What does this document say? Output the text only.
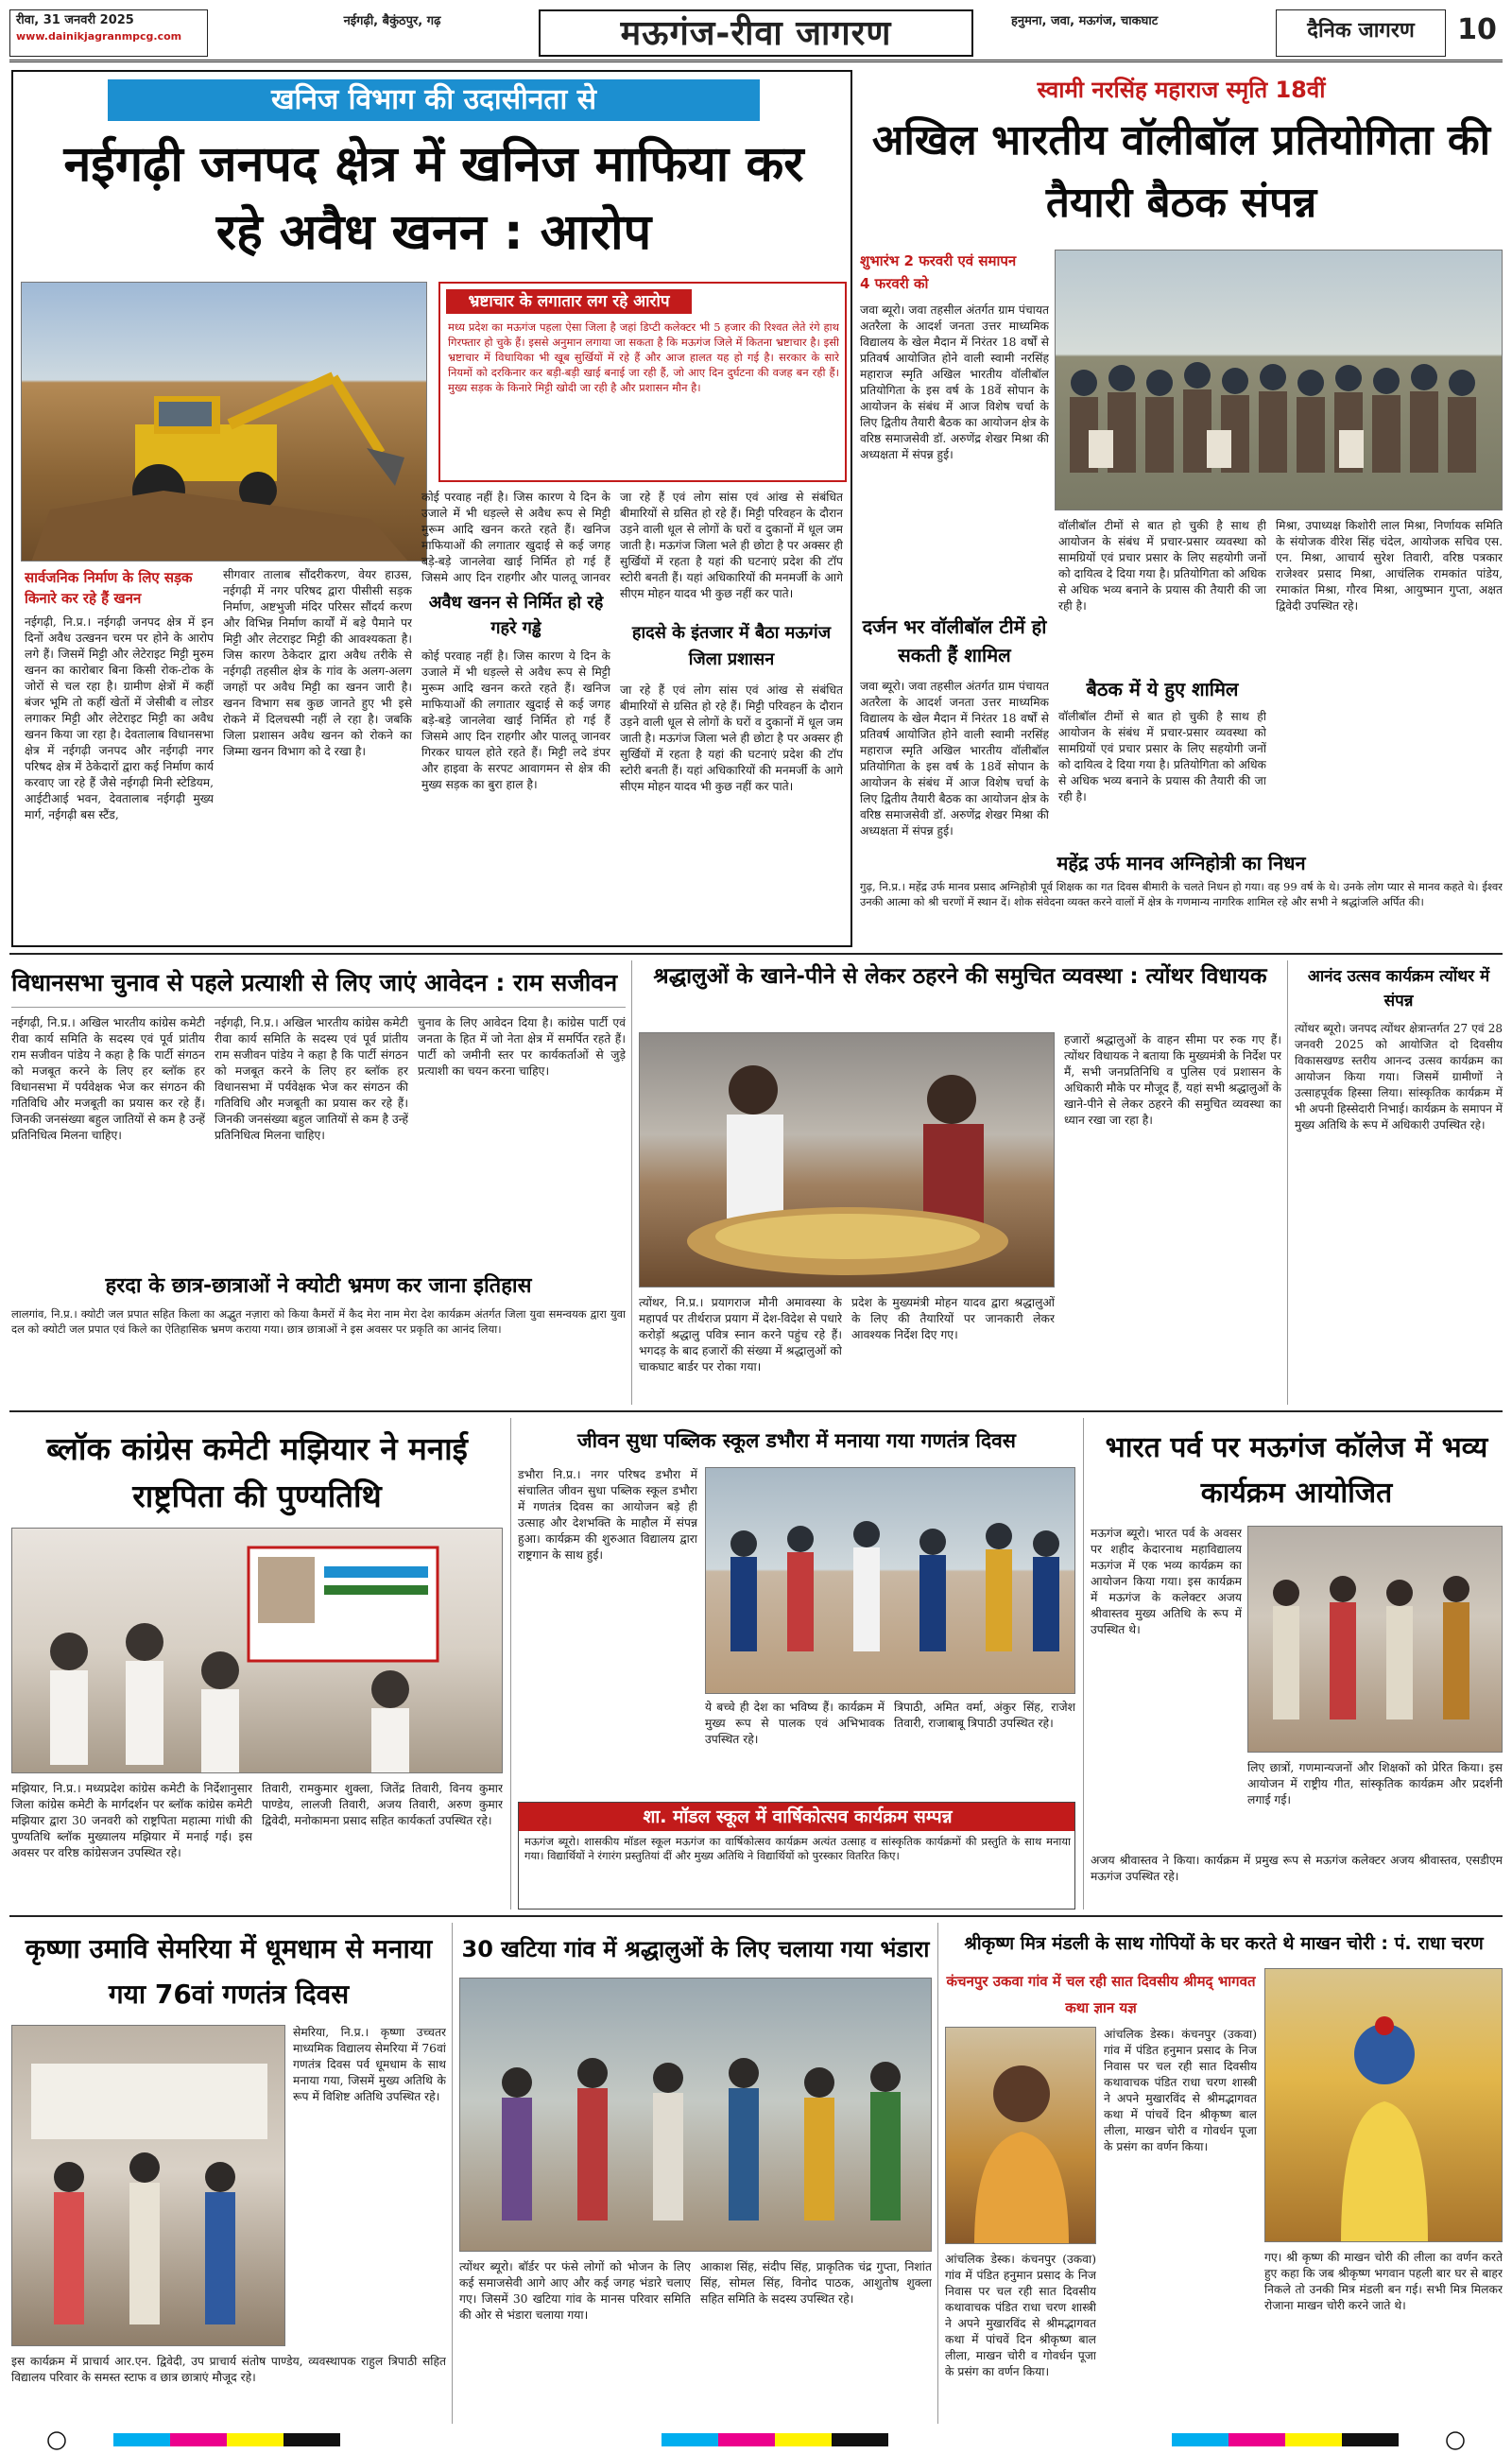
रीवा, 31 जनवरी 2025
www.dainikjagranmpcg.com
नईगढ़ी, बैकुंठपुर, गढ़	मऊगंज-रीवा जागरण	हनुमना, जवा, मऊगंज, चाकघाट	दैनिक जागरण	10
खनिज विभाग की उदासीनता से
नईगढ़ी जनपद क्षेत्र में खनिज माफिया कर रहे अवैध खनन : आरोप
भ्रष्टाचार के लगातार लग रहे आरोप
मध्य प्रदेश का मऊगंज पहला ऐसा जिला है जहां डिप्टी कलेक्टर भी 5 हजार की रिश्वत लेते रंगे हाथ गिरफ्तार हो चुके हैं। इससे अनुमान लगाया जा सकता है कि मऊगंज जिले में कितना भ्रष्टाचार है। इसी भ्रष्टाचार में विधायिका भी खूब सुर्खियों में रहे हैं और आज हालत यह हो गई है। सरकार के सारे नियमों को दरकिनार कर बड़ी-बड़ी खाई बनाई जा रही हैं, जो आए दिन दुर्घटना की वजह बन रही हैं। मुख्य सड़क के किनारे मिट्टी खोदी जा रही है और प्रशासन मौन है।
सार्वजनिक निर्माण के लिए सड़क किनारे कर रहे हैं खनन
नईगढ़ी, नि.प्र.। नईगढ़ी जनपद क्षेत्र में इन दिनों अवैध उत्खनन चरम पर होने के आरोप लगे हैं। जिसमें मिट्टी और लेटेराइट मिट्टी मुरुम खनन का कारोबार बिना किसी रोक-टोक के जोरों से चल रहा है। ग्रामीण क्षेत्रों में कहीं बंजर भूमि तो कहीं खेतों में जेसीबी व लोडर लगाकर मिट्टी और लेटेराइट मिट्टी का अवैध खनन किया जा रहा है। देवतालाब विधानसभा क्षेत्र में नईगढ़ी जनपद और नईगढ़ी नगर परिषद क्षेत्र में ठेकेदारों द्वारा कई निर्माण कार्य करवाए जा रहे हैं जैसे नईगढ़ी मिनी स्टेडियम, आईटीआई भवन, देवतालाब नईगढ़ी मुख्य मार्ग, नईगढ़ी बस स्टैंड,
सीगवार तालाब सौंदरीकरण, वेयर हाउस, नईगढ़ी में नगर परिषद द्वारा पीसीसी सड़क निर्माण, अष्टभुजी मंदिर परिसर सौंदर्य करण और विभिन्न निर्माण कार्यों में बड़े पैमाने पर मिट्टी और लेटराइट मिट्टी की आवश्यकता है। जिस कारण ठेकेदार द्वारा अवैध तरीके से नईगढ़ी तहसील क्षेत्र के गांव के अलग-अलग जगहों पर अवैध मिट्टी का खनन जारी है। खनन विभाग सब कुछ जानते हुए भी इसे रोकने में दिलचस्पी नहीं ले रहा है। जबकि जिला प्रशासन अवैध खनन को रोकने का जिम्मा खनन विभाग को दे रखा है।
कोई परवाह नहीं है। जिस कारण ये दिन के उजाले में भी धड़ल्ले से अवैध रूप से मिट्टी मुरूम आदि खनन करते रहते हैं। खनिज माफियाओं की लगातार खुदाई से कई जगह बड़े-बड़े जानलेवा खाई निर्मित हो गई हैं जिसमे आए दिन राहगीर और पालतू जानवर
अवैध खनन से निर्मित हो रहे गहरे गड्ढे
कोई परवाह नहीं है। जिस कारण ये दिन के उजाले में भी धड़ल्ले से अवैध रूप से मिट्टी मुरूम आदि खनन करते रहते हैं। खनिज माफियाओं की लगातार खुदाई से कई जगह बड़े-बड़े जानलेवा खाई निर्मित हो गई हैं जिसमे आए दिन राहगीर और पालतू जानवर गिरकर घायल होते रहते हैं। मिट्टी लदे डंपर और हाइवा के सरपट आवागमन से क्षेत्र की मुख्य सड़क का बुरा हाल है।
जा रहे हैं एवं लोग सांस एवं आंख से संबंधित बीमारियों से ग्रसित हो रहे हैं। मिट्टी परिवहन के दौरान उड़ने वाली धूल से लोगों के घरों व दुकानों में धूल जम जाती है। मऊगंज जिला भले ही छोटा है पर अक्सर ही सुर्खियों में रहता है यहां की घटनाएं प्रदेश की टॉप स्टोरी बनती हैं। यहां अधिकारियों की मनमर्जी के आगे सीएम मोहन यादव भी कुछ नहीं कर पाते।
हादसे के इंतजार में बैठा मऊगंज जिला प्रशासन
जा रहे हैं एवं लोग सांस एवं आंख से संबंधित बीमारियों से ग्रसित हो रहे हैं। मिट्टी परिवहन के दौरान उड़ने वाली धूल से लोगों के घरों व दुकानों में धूल जम जाती है। मऊगंज जिला भले ही छोटा है पर अक्सर ही सुर्खियों में रहता है यहां की घटनाएं प्रदेश की टॉप स्टोरी बनती हैं। यहां अधिकारियों की मनमर्जी के आगे सीएम मोहन यादव भी कुछ नहीं कर पाते।
स्वामी नरसिंह महाराज स्मृति 18वीं
अखिल भारतीय वॉलीबॉल प्रतियोगिता की तैयारी बैठक संपन्न
शुभारंभ 2 फरवरी एवं समापन 4 फरवरी को
जवा ब्यूरो। जवा तहसील अंतर्गत ग्राम पंचायत अतरैला के आदर्श जनता उत्तर माध्यमिक विद्यालय के खेल मैदान में निरंतर 18 वर्षों से प्रतिवर्ष आयोजित होने वाली स्वामी नरसिंह महाराज स्मृति अखिल भारतीय वॉलीबॉल प्रतियोगिता के इस वर्ष के 18वें सोपान के आयोजन के संबंध में आज विशेष चर्चा के लिए द्वितीय तैयारी बैठक का आयोजन क्षेत्र के वरिष्ठ समाजसेवी डॉ. अरुणेंद्र शेखर मिश्रा की अध्यक्षता में संपन्न हुई।
दर्जन भर वॉलीबॉल टीमें हो सकती हैं शामिल
जवा ब्यूरो। जवा तहसील अंतर्गत ग्राम पंचायत अतरैला के आदर्श जनता उत्तर माध्यमिक विद्यालय के खेल मैदान में निरंतर 18 वर्षों से प्रतिवर्ष आयोजित होने वाली स्वामी नरसिंह महाराज स्मृति अखिल भारतीय वॉलीबॉल प्रतियोगिता के इस वर्ष के 18वें सोपान के आयोजन के संबंध में आज विशेष चर्चा के लिए द्वितीय तैयारी बैठक का आयोजन क्षेत्र के वरिष्ठ समाजसेवी डॉ. अरुणेंद्र शेखर मिश्रा की अध्यक्षता में संपन्न हुई।
वॉलीबॉल टीमों से बात हो चुकी है साथ ही आयोजन के संबंध में प्रचार-प्रसार व्यवस्था को सामग्रियों एवं प्रचार प्रसार के लिए सहयोगी जनों को दायित्व दे दिया गया है। प्रतियोगिता को अधिक से अधिक भव्य बनाने के प्रयास की तैयारी की जा रही है।
बैठक में ये हुए शामिल
वॉलीबॉल टीमों से बात हो चुकी है साथ ही आयोजन के संबंध में प्रचार-प्रसार व्यवस्था को सामग्रियों एवं प्रचार प्रसार के लिए सहयोगी जनों को दायित्व दे दिया गया है। प्रतियोगिता को अधिक से अधिक भव्य बनाने के प्रयास की तैयारी की जा रही है।
मिश्रा, उपाध्यक्ष किशोरी लाल मिश्रा, निर्णायक समिति के संयोजक वीरेश सिंह चंदेल, आयोजक सचिव एस. एन. मिश्रा, आचार्य सुरेश तिवारी, वरिष्ठ पत्रकार राजेश्वर प्रसाद मिश्रा, आचंलिक रामकांत पांडेय, रमाकांत मिश्रा, गौरव मिश्रा, आयुष्मान गुप्ता, अक्षत द्विवेदी उपस्थित रहे।
महेंद्र उर्फ मानव अग्निहोत्री का निधन
गुढ़, नि.प्र.। महेंद्र उर्फ मानव प्रसाद अग्निहोत्री पूर्व शिक्षक का गत दिवस बीमारी के चलते निधन हो गया। वह 99 वर्ष के थे। उनके लोग प्यार से मानव कहते थे। ईश्वर उनकी आत्मा को श्री चरणों में स्थान दें। शोक संवेदना व्यक्त करने वालों में क्षेत्र के गणमान्य नागरिक शामिल रहे और सभी ने श्रद्धांजलि अर्पित की।
विधानसभा चुनाव से पहले प्रत्याशी से लिए जाएं आवेदन : राम सजीवन
नईगढ़ी, नि.प्र.। अखिल भारतीय कांग्रेस कमेटी रीवा कार्य समिति के सदस्य एवं पूर्व प्रांतीय राम सजीवन पांडेय ने कहा है कि पार्टी संगठन को मजबूत करने के लिए हर ब्लॉक हर विधानसभा में पर्यवेक्षक भेज कर संगठन की गतिविधि और मजबूती का प्रयास कर रहे हैं। जिनकी जनसंख्या बहुल जातियों से कम है उन्हें प्रतिनिधित्व मिलना चाहिए।
नईगढ़ी, नि.प्र.। अखिल भारतीय कांग्रेस कमेटी रीवा कार्य समिति के सदस्य एवं पूर्व प्रांतीय राम सजीवन पांडेय ने कहा है कि पार्टी संगठन को मजबूत करने के लिए हर ब्लॉक हर विधानसभा में पर्यवेक्षक भेज कर संगठन की गतिविधि और मजबूती का प्रयास कर रहे हैं। जिनकी जनसंख्या बहुल जातियों से कम है उन्हें प्रतिनिधित्व मिलना चाहिए।
चुनाव के लिए आवेदन दिया है। कांग्रेस पार्टी एवं जनता के हित में जो नेता क्षेत्र में समर्पित रहते हैं। पार्टी को जमीनी स्तर पर कार्यकर्ताओं से जुड़े प्रत्याशी का चयन करना चाहिए।
हरदा के छात्र-छात्राओं ने क्योटी भ्रमण कर जाना इतिहास
लालगांव, नि.प्र.। क्योटी जल प्रपात सहित किला का अद्भुत नज़ारा को किया कैमरों में कैद मेरा नाम मेरा देश कार्यक्रम अंतर्गत जिला युवा समन्वयक द्वारा युवा दल को क्योटी जल प्रपात एवं किले का ऐतिहासिक भ्रमण कराया गया। छात्र छात्राओं ने इस अवसर पर प्रकृति का आनंद लिया।
श्रद्धालुओं के खाने-पीने से लेकर ठहरने की समुचित व्यवस्था : त्योंथर विधायक
त्योंथर, नि.प्र.। प्रयागराज मौनी अमावस्या के महापर्व पर तीर्थराज प्रयाग में देश-विदेश से पधारे करोड़ों श्रद्धालु पवित्र स्नान करने पहुंच रहे हैं। भगदड़ के बाद हजारों की संख्या में श्रद्धालुओं को चाकघाट बार्डर पर रोका गया।
प्रदेश के मुख्यमंत्री मोहन यादव द्वारा श्रद्धालुओं के लिए की तैयारियों पर जानकारी लेकर आवश्यक निर्देश दिए गए।
हजारों श्रद्धालुओं के वाहन सीमा पर रुक गए हैं। त्योंथर विधायक ने बताया कि मुख्यमंत्री के निर्देश पर मैं, सभी जनप्रतिनिधि व पुलिस एवं प्रशासन के अधिकारी मौके पर मौजूद हैं, यहां सभी श्रद्धालुओं के खाने-पीने से लेकर ठहरने की समुचित व्यवस्था का ध्यान रखा जा रहा है।
आनंद उत्सव कार्यक्रम त्योंथर में संपन्न
त्योंथर ब्यूरो। जनपद त्योंथर क्षेत्रान्तर्गत 27 एवं 28 जनवरी 2025 को आयोजित दो दिवसीय विकासखण्ड स्तरीय आनन्द उत्सव कार्यक्रम का आयोजन किया गया। जिसमें ग्रामीणों ने उत्साहपूर्वक हिस्सा लिया। सांस्कृतिक कार्यक्रम में भी अपनी हिस्सेदारी निभाई। कार्यक्रम के समापन में मुख्य अतिथि के रूप में अधिकारी उपस्थित रहे।
ब्लॉक कांग्रेस कमेटी मझियार ने मनाई राष्ट्रपिता की पुण्यतिथि
मझियार, नि.प्र.। मध्यप्रदेश कांग्रेस कमेटी के निर्देशानुसार जिला कांग्रेस कमेटी के मार्गदर्शन पर ब्लॉक कांग्रेस कमेटी मझियार द्वारा 30 जनवरी को राष्ट्रपिता महात्मा गांधी की पुण्यतिथि ब्लॉक मुख्यालय मझियार में मनाई गई। इस अवसर पर वरिष्ठ कांग्रेसजन उपस्थित रहे।
तिवारी, रामकुमार शुक्ला, जितेंद्र तिवारी, विनय कुमार पाण्डेय, लालजी तिवारी, अजय तिवारी, अरुण कुमार द्विवेदी, मनोकामना प्रसाद सहित कार्यकर्ता उपस्थित रहे।
जीवन सुधा पब्लिक स्कूल डभौरा में मनाया गया गणतंत्र दिवस
डभौरा नि.प्र.। नगर परिषद डभौरा में संचालित जीवन सुधा पब्लिक स्कूल डभौरा में गणतंत्र दिवस का आयोजन बड़े ही उत्साह और देशभक्ति के माहौल में संपन्न हुआ। कार्यक्रम की शुरुआत विद्यालय द्वारा राष्ट्रगान के साथ हुई।
ये बच्चे ही देश का भविष्य हैं। कार्यक्रम में मुख्य रूप से पालक एवं अभिभावक उपस्थित रहे।
त्रिपाठी, अमित वर्मा, अंकुर सिंह, राजेश तिवारी, राजाबाबू त्रिपाठी उपस्थित रहे।
शा. मॉडल स्कूल में वार्षिकोत्सव कार्यक्रम सम्पन्न
मऊगंज ब्यूरो। शासकीय मॉडल स्कूल मऊगंज का वार्षिकोत्सव कार्यक्रम अत्यंत उत्साह व सांस्कृतिक कार्यक्रमों की प्रस्तुति के साथ मनाया गया। विद्यार्थियों ने रंगारंग प्रस्तुतियां दीं और मुख्य अतिथि ने विद्यार्थियों को पुरस्कार वितरित किए।
भारत पर्व पर मऊगंज कॉलेज में भव्य कार्यक्रम आयोजित
मऊगंज ब्यूरो। भारत पर्व के अवसर पर शहीद केदारनाथ महाविद्यालय मऊगंज में एक भव्य कार्यक्रम का आयोजन किया गया। इस कार्यक्रम में मऊगंज के कलेक्टर अजय श्रीवास्तव मुख्य अतिथि के रूप में उपस्थित थे।
लिए छात्रों, गणमान्यजनों और शिक्षकों को प्रेरित किया। इस आयोजन में राष्ट्रीय गीत, सांस्कृतिक कार्यक्रम और प्रदर्शनी लगाई गई।
अजय श्रीवास्तव ने किया। कार्यक्रम में प्रमुख रूप से मऊगंज कलेक्टर अजय श्रीवास्तव, एसडीएम मऊगंज उपस्थित रहे।
कृष्णा उमावि सेमरिया में धूमधाम से मनाया गया 76वां गणतंत्र दिवस
सेमरिया, नि.प्र.। कृष्णा उच्चतर माध्यमिक विद्यालय सेमरिया में 76वां गणतंत्र दिवस पर्व धूमधाम के साथ मनाया गया, जिसमें मुख्य अतिथि के रूप में विशिष्ट अतिथि उपस्थित रहे।
इस कार्यक्रम में प्राचार्य आर.एन. द्विवेदी, उप प्राचार्य संतोष पाण्डेय, व्यवस्थापक राहुल त्रिपाठी सहित विद्यालय परिवार के समस्त स्टाफ व छात्र छात्राएं मौजूद रहे।
30 खटिया गांव में श्रद्धालुओं के लिए चलाया गया भंडारा
त्योंथर ब्यूरो। बॉर्डर पर फंसे लोगों को भोजन के लिए कई समाजसेवी आगे आए और कई जगह भंडारे चलाए गए। जिसमें 30 खटिया गांव के मानस परिवार समिति की ओर से भंडारा चलाया गया।
आकाश सिंह, संदीप सिंह, प्राकृतिक चंद्र गुप्ता, निशांत सिंह, सोमल सिंह, विनोद पाठक, आशुतोष शुक्ला सहित समिति के सदस्य उपस्थित रहे।
श्रीकृष्ण मित्र मंडली के साथ गोपियों के घर करते थे माखन चोरी : पं. राधा चरण
कंचनपुर उकवा गांव में चल रही सात दिवसीय श्रीमद् भागवत कथा ज्ञान यज्ञ
आंचलिक डेस्क। कंचनपुर (उकवा) गांव में पंडित हनुमान प्रसाद के निज निवास पर चल रही सात दिवसीय कथावाचक पंडित राधा चरण शास्त्री ने अपने मुखारविंद से श्रीमद्भागवत कथा में पांचवें दिन श्रीकृष्ण बाल लीला, माखन चोरी व गोवर्धन पूजा के प्रसंग का वर्णन किया।
आंचलिक डेस्क। कंचनपुर (उकवा) गांव में पंडित हनुमान प्रसाद के निज निवास पर चल रही सात दिवसीय कथावाचक पंडित राधा चरण शास्त्री ने अपने मुखारविंद से श्रीमद्भागवत कथा में पांचवें दिन श्रीकृष्ण बाल लीला, माखन चोरी व गोवर्धन पूजा के प्रसंग का वर्णन किया।
गए। श्री कृष्ण की माखन चोरी की लीला का वर्णन करते हुए कहा कि जब श्रीकृष्ण भगवान पहली बार घर से बाहर निकले तो उनकी मित्र मंडली बन गई। सभी मित्र मिलकर रोजाना माखन चोरी करने जाते थे।
